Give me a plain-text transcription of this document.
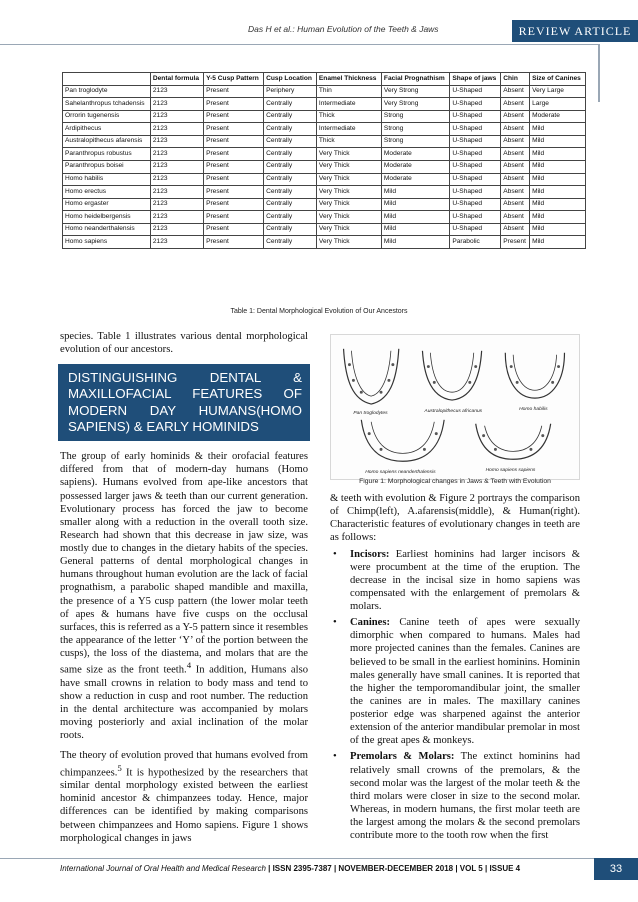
Das H et al.: Human Evolution of the Teeth & Jaws	REVIEW ARTICLE
	Dental formula	Y-5 Cusp Pattern	Cusp Location	Enamel Thickness	Facial Prognathism	Shape of jaws	Chin	Size of Canines
Pan troglodyte	2123	Present	Periphery	Thin	Very Strong	U-Shaped	Absent	Very Large
Sahelanthropus tchadensis	2123	Present	Centrally	Intermediate	Very Strong	U-Shaped	Absent	Large
Orrorin tugenensis	2123	Present	Centrally	Thick	Strong	U-Shaped	Absent	Moderate
Ardipithecus	2123	Present	Centrally	Intermediate	Strong	U-Shaped	Absent	Mild
Australopithecus afarensis	2123	Present	Centrally	Thick	Strong	U-Shaped	Absent	Mild
Paranthropus robustus	2123	Present	Centrally	Very Thick	Moderate	U-Shaped	Absent	Mild
Paranthropus boisei	2123	Present	Centrally	Very Thick	Moderate	U-Shaped	Absent	Mild
Homo habilis	2123	Present	Centrally	Very Thick	Moderate	U-Shaped	Absent	Mild
Homo erectus	2123	Present	Centrally	Very Thick	Mild	U-Shaped	Absent	Mild
Homo ergaster	2123	Present	Centrally	Very Thick	Mild	U-Shaped	Absent	Mild
Homo heidelbergensis	2123	Present	Centrally	Very Thick	Mild	U-Shaped	Absent	Mild
Homo neanderthalensis	2123	Present	Centrally	Very Thick	Mild	U-Shaped	Absent	Mild
Homo sapiens	2123	Present	Centrally	Very Thick	Mild	Parabolic	Present	Mild
Table 1: Dental Morphological Evolution of Our Ancestors

species. Table 1 illustrates various dental morphological evolution of our ancestors.

DISTINGUISHING DENTAL & MAXILLOFACIAL FEATURES OF MODERN DAY HUMANS(HOMO SAPIENS) & EARLY HOMINIDS

The group of early hominids & their orofacial features differed from that of modern-day humans (Homo sapiens). Humans evolved from ape-like ancestors that possessed larger jaws & teeth than our current generation. Evolutionary process has forced the jaw to become smaller along with a reduction in the overall tooth size. Research had shown that this decrease in jaw size, was mostly due to changes in the dietary habits of the species. General patterns of dental morphological changes in humans throughout human evolution are the lack of facial prognathism, a parabolic shaped mandible and maxilla, the presence of a Y5 cusp pattern (the lower molar teeth of apes & humans have five cusps on the occlusal surfaces, this is referred as a Y-5 pattern since it resembles the appearance of the letter ‘Y’ of the portion between the cusps), the loss of the diastema, and molars that are the same size as the front teeth.$^4$ In addition, Humans also have small crowns in relation to body mass and tend to show a reduction in cusp and root number. The reduction in the dental architecture was accompanied by molars moving posteriorly and axial inclination of the molar roots.

The theory of evolution proved that humans evolved from chimpanzees.$^5$ It is hypothesized by the researchers that similar dental morphology existed between the earliest hominid ancestor & chimpanzees today. Hence, major differences can be identified by making comparisons between chimpanzees and Homo sapiens. Figure 1 shows morphological changes in jaws

Pan troglodytes	Australopithecus africanus	Homo habilis
Homo sapiens neanderthalensis	Homo sapiens sapiens
Figure 1: Morphological changes in Jaws & Teeth with Evolution

& teeth with evolution & Figure 2 portrays the comparison of Chimp(left), A.afarensis(middle), & Human(right). Characteristic features of evolutionary changes in teeth are as follows:

• Incisors: Earliest hominins had larger incisors & were procumbent at the time of the eruption. The decrease in the incisal size in homo sapiens was compensated with the enlargement of premolars & molars.
• Canines: Canine teeth of apes were sexually dimorphic when compared to humans. Males had more projected canines than the females. Canines are believed to be small in the earliest hominins. Hominin males generally have small canines. It is reported that the higher the temporomandibular joint, the smaller the canines are in males. The maxillary canines posterior edge was sharpened against the anterior extension of the anterior mandibular premolar in most of the great apes & monkeys.
• Premolars & Molars: The extinct hominins had relatively small crowns of the premolars, & the second molar was the largest of the molar teeth & the third molars were closer in size to the second molar. Whereas, in modern humans, the first molar teeth are the largest among the molars & the second premolars contribute more to the tooth row when the first
International Journal of Oral Health and Medical Research | ISSN 2395-7387 | NOVEMBER-DECEMBER 2018 | VOL 5 | ISSUE 4	33
